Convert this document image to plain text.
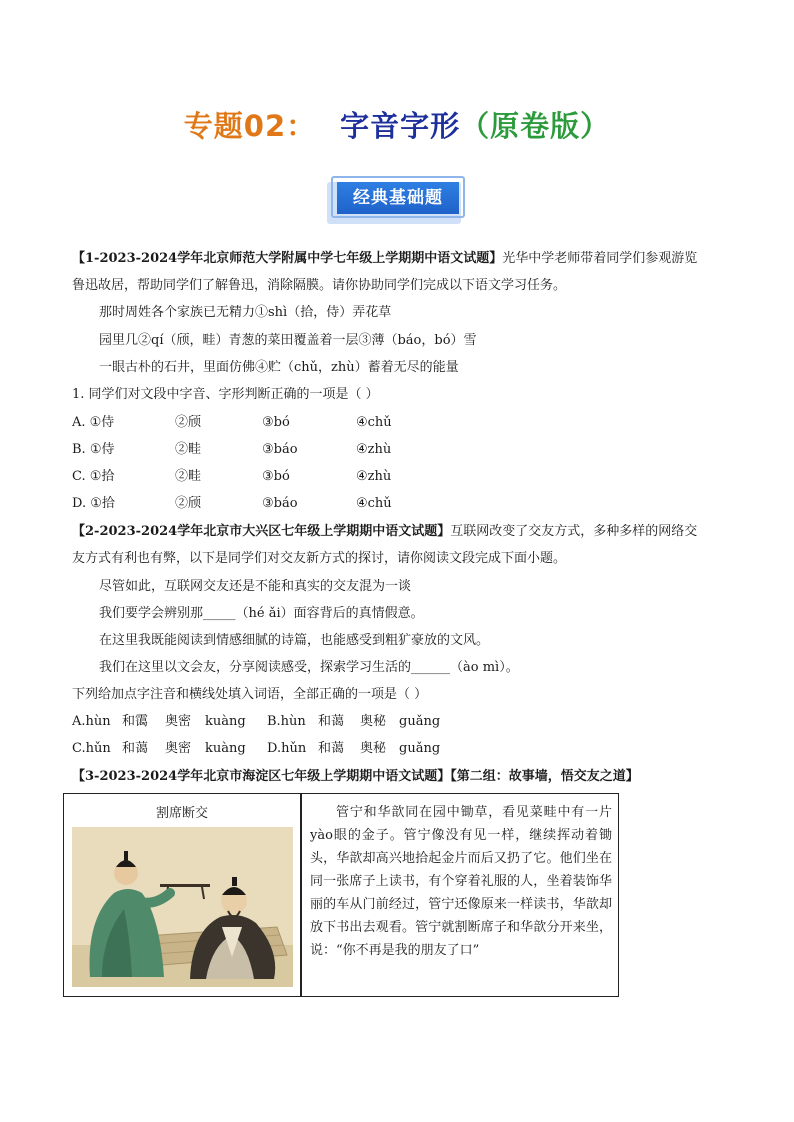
专题02： 字音字形（原卷版）
经典基础题
【1-2023-2024学年北京师范大学附属中学七年级上学期期中语文试题】光华中学老师带着同学们参观游览
鲁迅故居，帮助同学们了解鲁迅，消除隔膜。请你协助同学们完成以下语文学习任务。
那时周姓各个家族已无精力①shì（拾，侍）弄花草
园里几②qí（颀，畦）青葱的菜田覆盖着一层③薄（báo，bó）雪
一眼古朴的石井，里面仿佛④贮（chǔ，zhù）蓄着无尽的能量
1. 同学们对文段中字音、字形判断正确的一项是（ ）
A. ①侍	②颀	③bó	④chǔ
B. ①侍	②畦	③báo	④zhù
C. ①拾	②畦	③bó	④zhù
D. ①拾	②颀	③báo	④chǔ
【2-2023-2024学年北京市大兴区七年级上学期期中语文试题】互联网改变了交友方式，多种多样的网络交
友方式有利也有弊，以下是同学们对交友新方式的探讨，请你阅读文段完成下面小题。
尽管如此，互联网交友还是不能和真实的交友混为一谈
我们要学会辨别那_____（hé ǎi）面容背后的真情假意。
在这里我既能阅读到情感细腻的诗篇，也能感受到粗犷豪放的文风。
我们在这里以文会友，分享阅读感受，探索学习生活的______（ào mì）。
下列给加点字注音和横线处填入词语，全部正确的一项是（ ）
A.hùn 和霭 奥密 kuàng B.hùn 和蔼 奥秘 guǎng
C.hǔn 和蔼 奥密 kuàng D.hǔn 和蔼 奥秘 guǎng
【3-2023-2024学年北京市海淀区七年级上学期期中语文试题】【第二组：故事墙，悟交友之道】
割席断交	管宁和华歆同在园中锄草，看见菜畦中有一片yào眼的金子。管宁像没有见一样，继续挥动着锄头，华歆却高兴地拾起金片而后又扔了它。他们坐在同一张席子上读书，有个穿着礼服的人，坐着装饰华丽的车从门前经过，管宁还像原来一样读书，华歆却放下书出去观看。管宁就割断席子和华歆分开来坐，说：“你不再是我的朋友了口”
